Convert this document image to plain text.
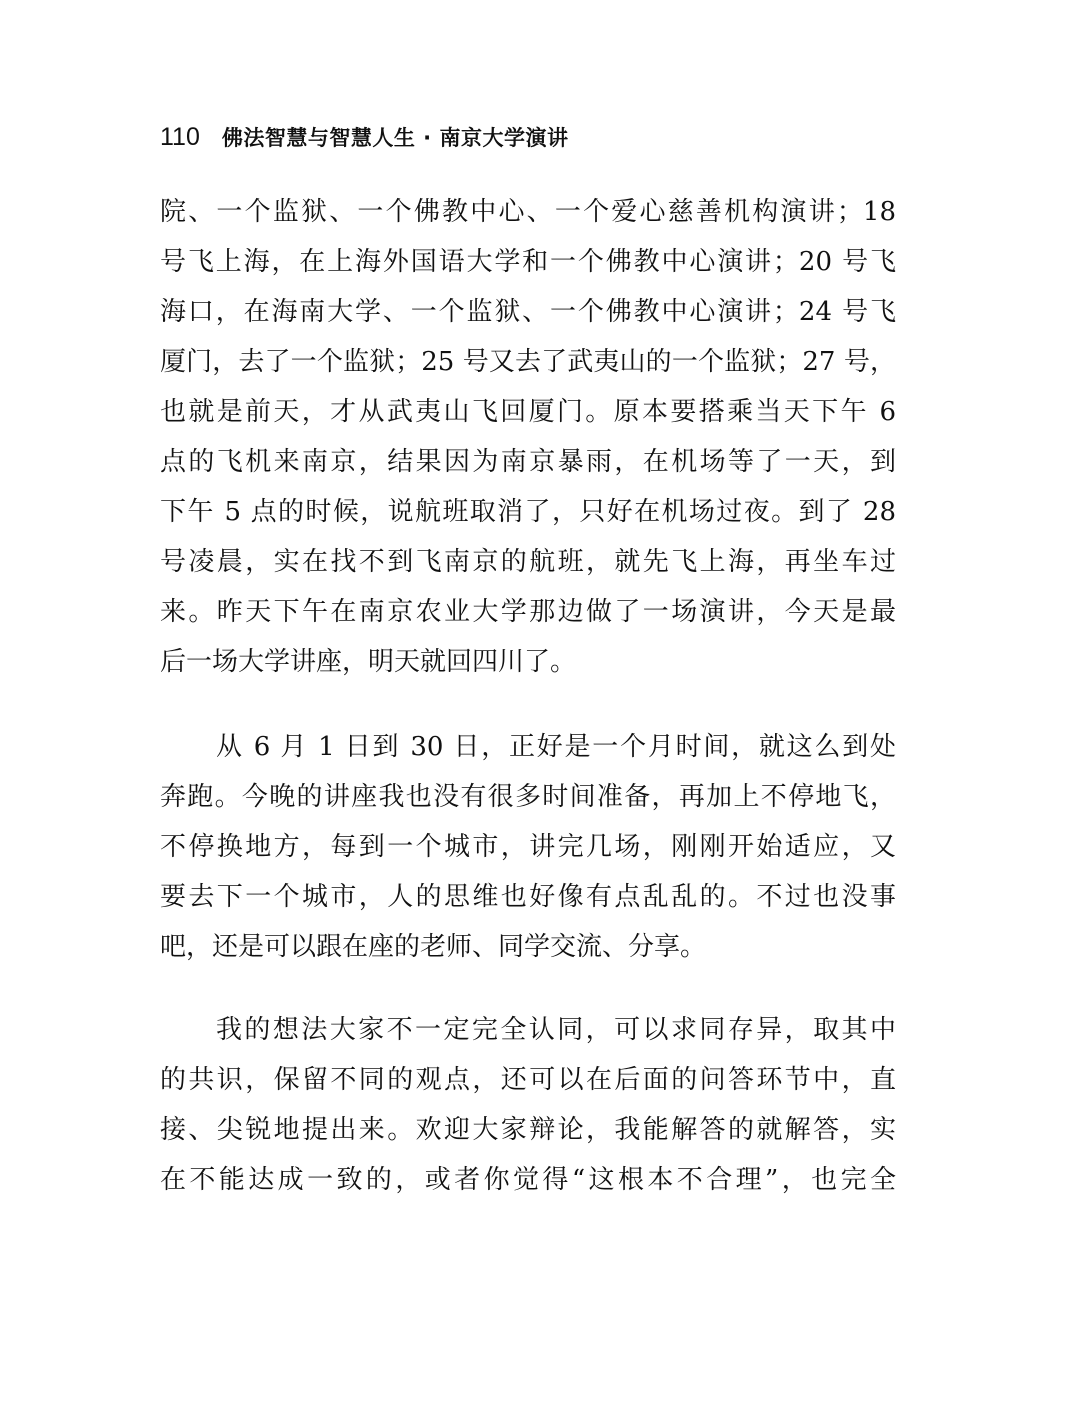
110 佛法智慧与智慧人生 · 南京大学演讲
院、一个监狱、一个佛教中心、一个爱心慈善机构演讲；18
号飞上海，在上海外国语大学和一个佛教中心演讲；20 号飞
海口，在海南大学、一个监狱、一个佛教中心演讲；24 号飞
厦门，去了一个监狱；25 号又去了武夷山的一个监狱；27 号，
也就是前天，才从武夷山飞回厦门。原本要搭乘当天下午 6
点的飞机来南京，结果因为南京暴雨，在机场等了一天，到
下午 5 点的时候，说航班取消了，只好在机场过夜。到了 28
号凌晨，实在找不到飞南京的航班，就先飞上海，再坐车过
来。昨天下午在南京农业大学那边做了一场演讲，今天是最
后一场大学讲座，明天就回四川了。
从 6 月 1 日到 30 日，正好是一个月时间，就这么到处
奔跑。今晚的讲座我也没有很多时间准备，再加上不停地飞，
不停换地方，每到一个城市，讲完几场，刚刚开始适应，又
要去下一个城市，人的思维也好像有点乱乱的。不过也没事
吧，还是可以跟在座的老师、同学交流、分享。
我的想法大家不一定完全认同，可以求同存异，取其中
的共识，保留不同的观点，还可以在后面的问答环节中，直
接、尖锐地提出来。欢迎大家辩论，我能解答的就解答，实
在不能达成一致的，或者你觉得“这根本不合理”，也完全
